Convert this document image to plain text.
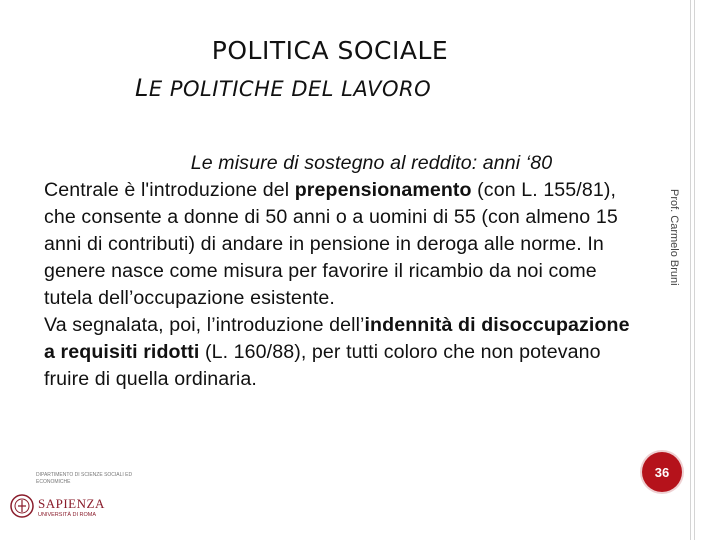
POLITICA SOCIALE
LE POLITICHE DEL LAVORO
Le misure di sostegno al reddito: anni ‘80
Centrale è l'introduzione del prepensionamento (con L. 155/81), che consente a donne di 50 anni o a uomini di 55 (con almeno 15 anni di contributi) di andare in pensione in deroga alle norme. In genere nasce come misura per favorire il ricambio da noi come tutela dell’occupazione esistente.
Va segnalata, poi, l’introduzione dell’indennità di disoccupazione a requisiti ridotti (L. 160/88), per tutti coloro che non potevano fruire di quella ordinaria.
Prof. Carmelo Bruni
36
DIPARTIMENTO DI SCIENZE SOCIALI ED ECONOMICHE
SAPIENZA
UNIVERSITÀ DI ROMA
